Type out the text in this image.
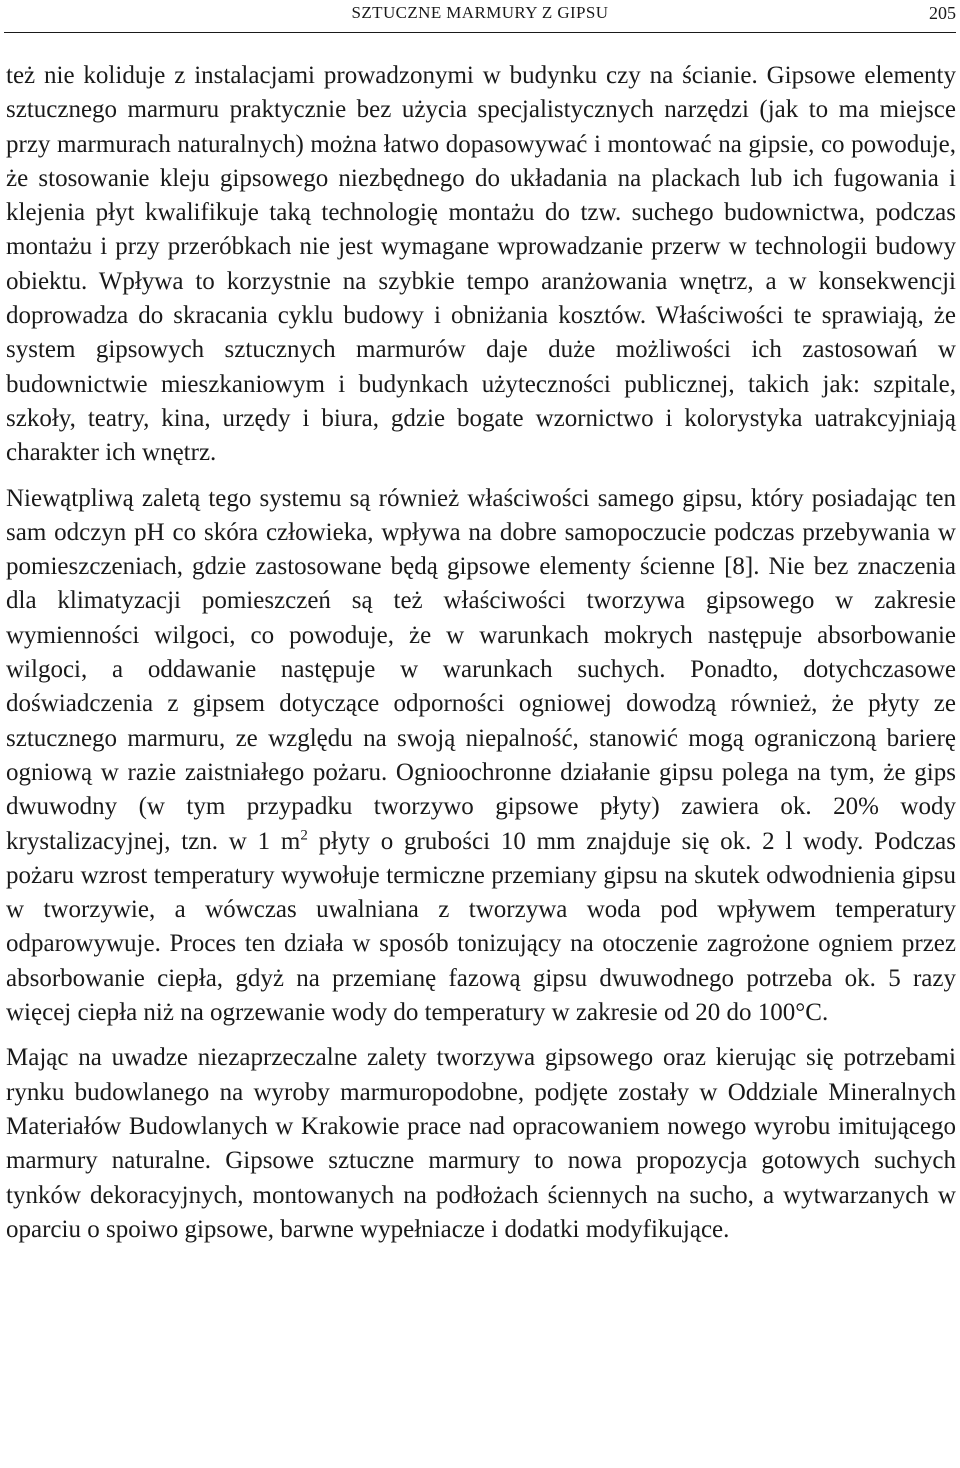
SZTUCZNE MARMURY Z GIPSU	205

też nie koliduje z instalacjami prowadzonymi w budynku czy na ścianie. Gipsowe elementy sztucznego marmuru praktycznie bez użycia specjalistycznych narzędzi (jak to ma miejsce przy marmurach naturalnych) można łatwo dopasowywać i montować na gipsie, co powoduje, że stosowanie kleju gipsowego niezbędnego do układania na plackach lub ich fugowania i klejenia płyt kwalifikuje taką technologię montażu do tzw. suchego budownictwa, podczas montażu i przy przeróbkach nie jest wymagane wprowadzanie przerw w technologii budowy obiektu. Wpływa to korzystnie na szybkie tempo aranżowania wnętrz, a w konsekwencji doprowadza do skracania cyklu budowy i obniżania kosztów. Właściwości te sprawiają, że system gipsowych sztucznych marmurów daje duże możliwości ich zastosowań w budownictwie mieszkaniowym i budynkach użyteczności publicznej, takich jak: szpitale, szkoły, teatry, kina, urzędy i biura, gdzie bogate wzornictwo i kolorystyka uatrakcyjniają charakter ich wnętrz.

Niewątpliwą zaletą tego systemu są również właściwości samego gipsu, który posiadając ten sam odczyn pH co skóra człowieka, wpływa na dobre samopoczucie podczas przebywania w pomieszczeniach, gdzie zastosowane będą gipsowe elementy ścienne [8]. Nie bez znaczenia dla klimatyzacji pomieszczeń są też właściwości tworzywa gipsowego w zakresie wymienności wilgoci, co powoduje, że w warunkach mokrych następuje absorbowanie wilgoci, a oddawanie następuje w warunkach suchych. Ponadto, dotychczasowe doświadczenia z gipsem dotyczące odporności ogniowej dowodzą również, że płyty ze sztucznego marmuru, ze względu na swoją niepalność, stanowić mogą ograniczoną barierę ogniową w razie zaistniałego pożaru. Ognioochronne działanie gipsu polega na tym, że gips dwuwodny (w tym przypadku tworzywo gipsowe płyty) zawiera ok. 20% wody krystalizacyjnej, tzn. w 1 $m^2$ płyty o grubości 10 mm znajduje się ok. 2 l wody. Podczas pożaru wzrost temperatury wywołuje termiczne przemiany gipsu na skutek odwodnienia gipsu w tworzywie, a wówczas uwalniana z tworzywa woda pod wpływem temperatury odparowywuje. Proces ten działa w sposób tonizujący na otoczenie zagrożone ogniem przez absorbowanie ciepła, gdyż na przemianę fazową gipsu dwuwodnego potrzeba ok. 5 razy więcej ciepła niż na ogrzewanie wody do temperatury w zakresie od 20 do 100°C.

Mając na uwadze niezaprzeczalne zalety tworzywa gipsowego oraz kierując się potrzebami rynku budowlanego na wyroby marmuropodobne, podjęte zostały w Oddziale Mineralnych Materiałów Budowlanych w Krakowie prace nad opracowaniem nowego wyrobu imitującego marmury naturalne. Gipsowe sztuczne marmury to nowa propozycja gotowych suchych tynków dekoracyjnych, montowanych na podłożach ściennych na sucho, a wytwarzanych w oparciu o spoiwo gipsowe, barwne wypełniacze i dodatki modyfikujące.
